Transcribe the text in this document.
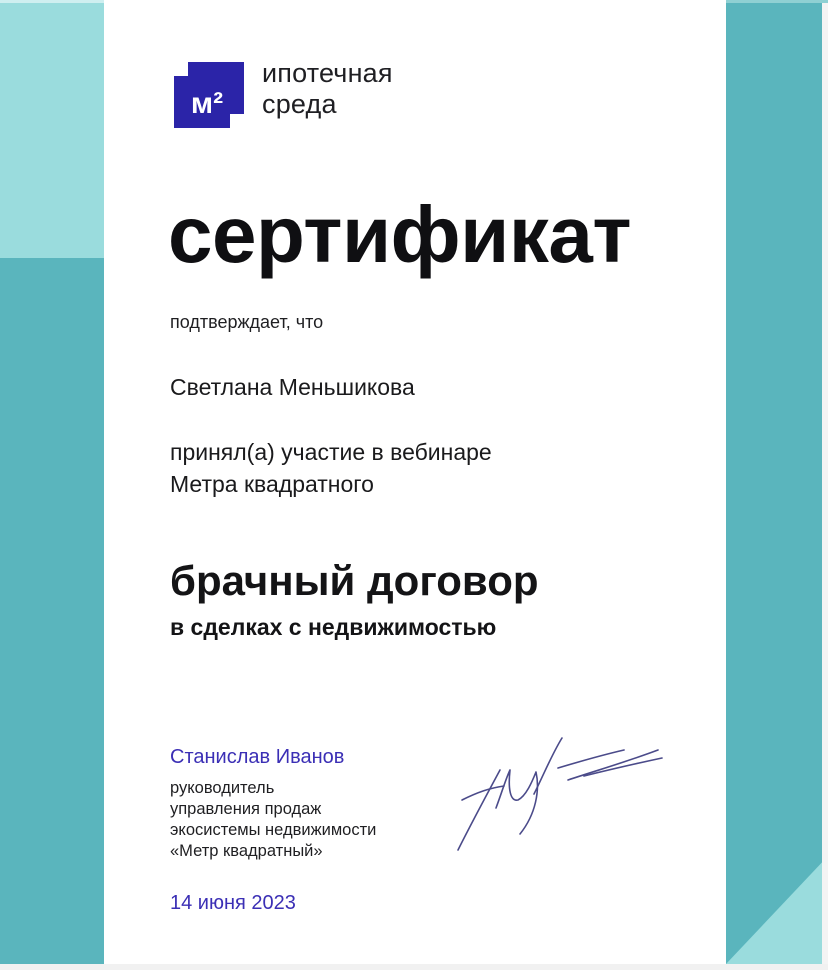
м²
ипотечная
среда
сертификат
подтверждает, что
Светлана Меньшикова
принял(а) участие в вебинаре
Метра квадратного
брачный договор
в сделках с недвижимостью
Станислав Иванов
руководитель
управления продаж
экосистемы недвижимости
«Метр квадратный»
14 июня 2023
